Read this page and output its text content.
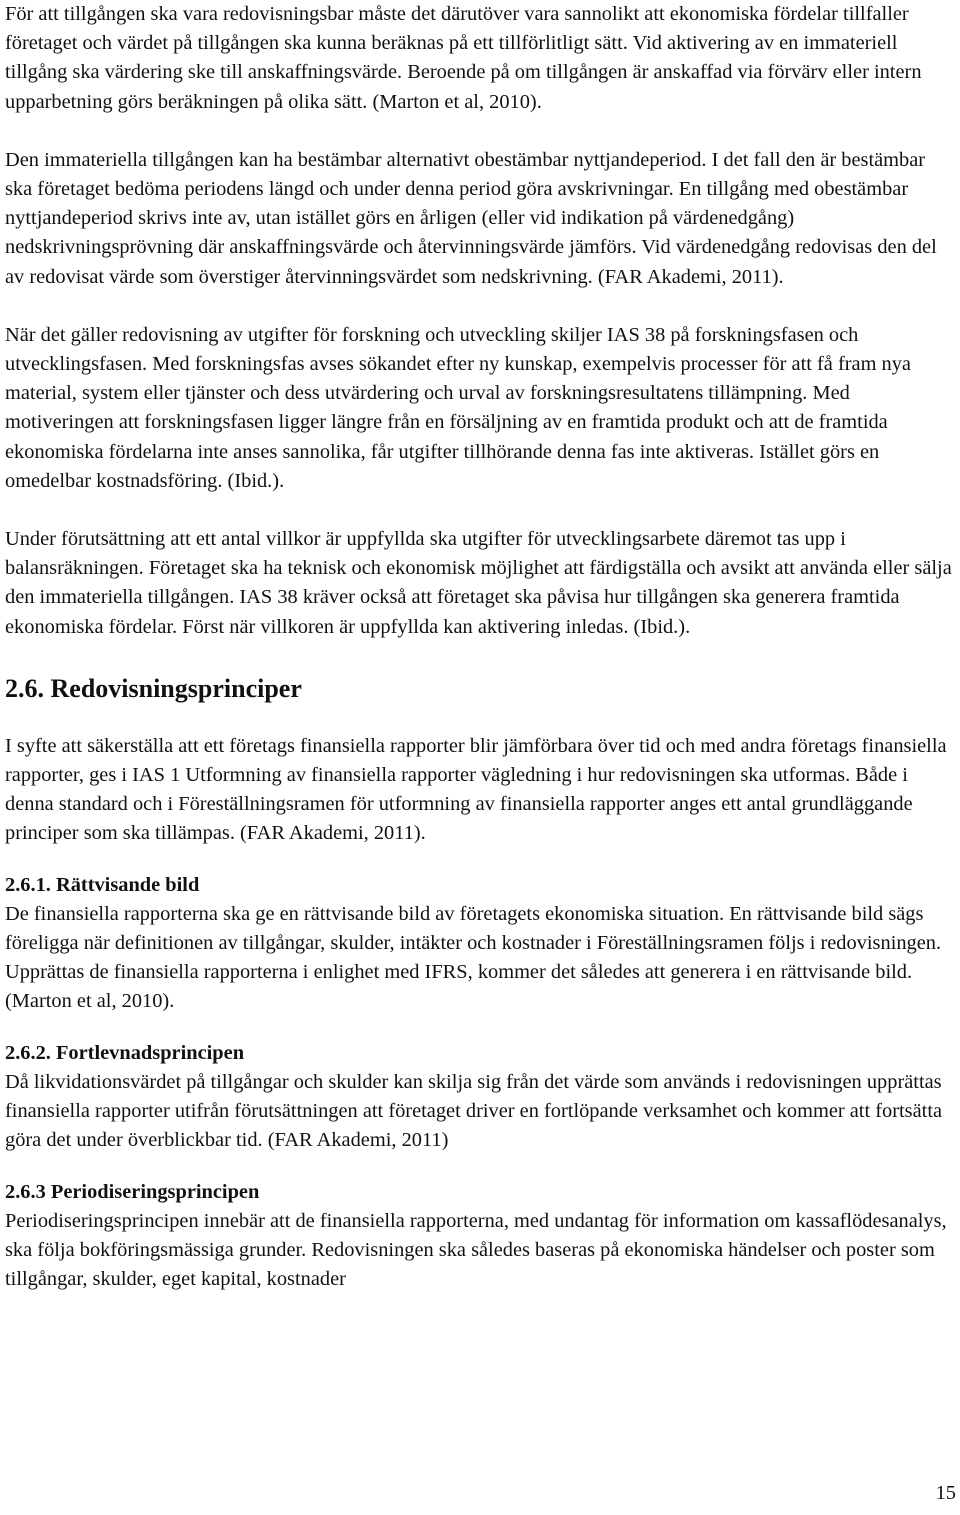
För att tillgången ska vara redovisningsbar måste det därutöver vara sannolikt att ekonomiska fördelar tillfaller företaget och värdet på tillgången ska kunna beräknas på ett tillförlitligt sätt. Vid aktivering av en immateriell tillgång ska värdering ske till anskaffningsvärde. Beroende på om tillgången är anskaffad via förvärv eller intern upparbetning görs beräkningen på olika sätt. (Marton et al, 2010).

Den immateriella tillgången kan ha bestämbar alternativt obestämbar nyttjandeperiod. I det fall den är bestämbar ska företaget bedöma periodens längd och under denna period göra avskrivningar. En tillgång med obestämbar nyttjandeperiod skrivs inte av, utan istället görs en årligen (eller vid indikation på värdenedgång) nedskrivningsprövning där anskaffningsvärde och återvinningsvärde jämförs. Vid värdenedgång redovisas den del av redovisat värde som överstiger återvinningsvärdet som nedskrivning. (FAR Akademi, 2011).

När det gäller redovisning av utgifter för forskning och utveckling skiljer IAS 38 på forskningsfasen och utvecklingsfasen. Med forskningsfas avses sökandet efter ny kunskap, exempelvis processer för att få fram nya material, system eller tjänster och dess utvärdering och urval av forskningsresultatens tillämpning. Med motiveringen att forskningsfasen ligger längre från en försäljning av en framtida produkt och att de framtida ekonomiska fördelarna inte anses sannolika, får utgifter tillhörande denna fas inte aktiveras. Istället görs en omedelbar kostnadsföring. (Ibid.).

Under förutsättning att ett antal villkor är uppfyllda ska utgifter för utvecklingsarbete däremot tas upp i balansräkningen. Företaget ska ha teknisk och ekonomisk möjlighet att färdigställa och avsikt att använda eller sälja den immateriella tillgången. IAS 38 kräver också att företaget ska påvisa hur tillgången ska generera framtida ekonomiska fördelar. Först när villkoren är uppfyllda kan aktivering inledas. (Ibid.).

2.6. Redovisningsprinciper

I syfte att säkerställa att ett företags finansiella rapporter blir jämförbara över tid och med andra företags finansiella rapporter, ges i IAS 1 Utformning av finansiella rapporter vägledning i hur redovisningen ska utformas. Både i denna standard och i Föreställningsramen för utformning av finansiella rapporter anges ett antal grundläggande principer som ska tillämpas. (FAR Akademi, 2011).

2.6.1. Rättvisande bild

De finansiella rapporterna ska ge en rättvisande bild av företagets ekonomiska situation. En rättvisande bild sägs föreligga när definitionen av tillgångar, skulder, intäkter och kostnader i Föreställningsramen följs i redovisningen. Upprättas de finansiella rapporterna i enlighet med IFRS, kommer det således att generera i en rättvisande bild. (Marton et al, 2010).

2.6.2. Fortlevnadsprincipen

Då likvidationsvärdet på tillgångar och skulder kan skilja sig från det värde som används i redovisningen upprättas finansiella rapporter utifrån förutsättningen att företaget driver en fortlöpande verksamhet och kommer att fortsätta göra det under överblickbar tid. (FAR Akademi, 2011)

2.6.3 Periodiseringsprincipen

Periodiseringsprincipen innebär att de finansiella rapporterna, med undantag för information om kassaflödesanalys, ska följa bokföringsmässiga grunder. Redovisningen ska således baseras på ekonomiska händelser och poster som tillgångar, skulder, eget kapital, kostnader

15
